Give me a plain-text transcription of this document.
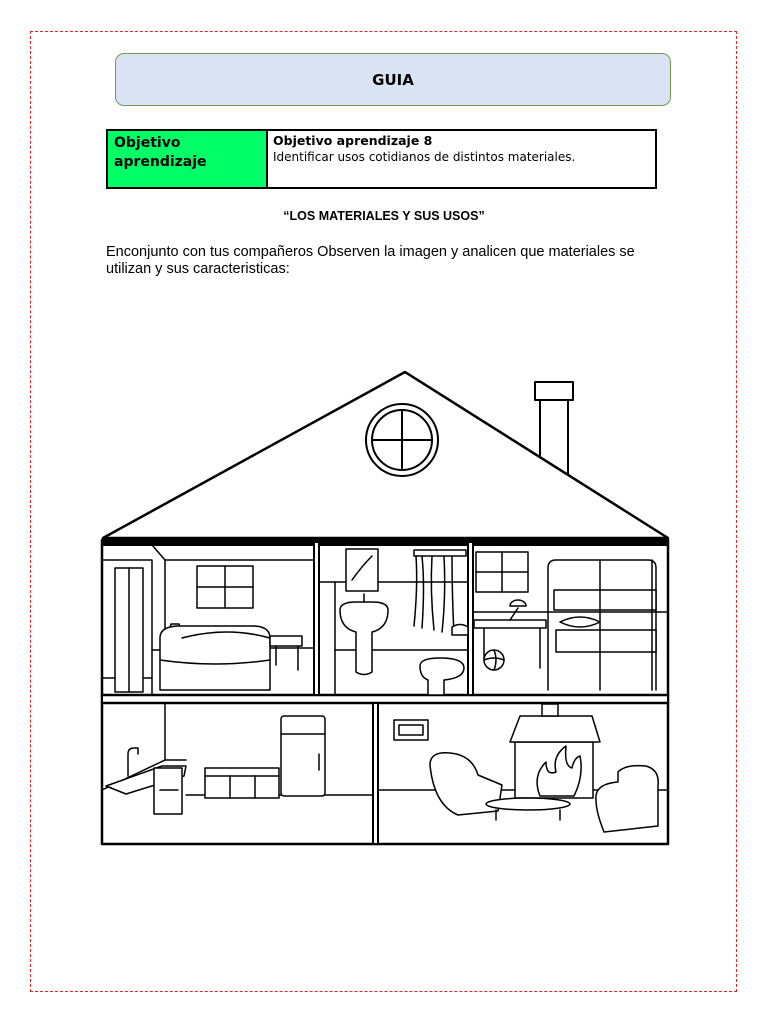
GUIA
Objetivo aprendizaje
Objetivo aprendizaje 8
Identificar usos cotidianos de distintos materiales.
“LOS MATERIALES Y SUS USOS”
Enconjunto con tus compañeros Observen la imagen y analicen que materiales se utilizan y sus caracteristicas:
